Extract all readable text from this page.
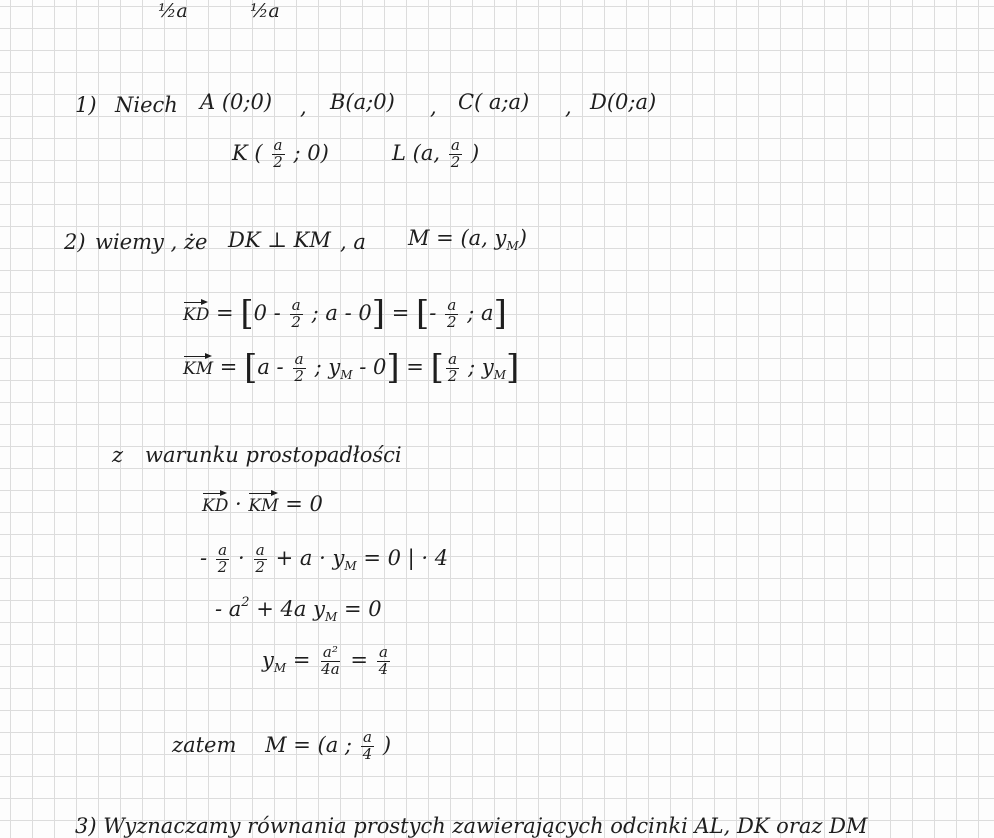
½a	½a
1) Niech A (0;0) , B(a;0) , C( a;a) , D(0;a)
K ( $\frac{a}{2}$ ; 0)	L (a, $\frac{a}{2}$ )
2) wiemy , że DK ⊥ KM , a M = (a, $y_M$)
KD = [$0 - \frac{a}{2}$ ; a - 0] = [- $\frac{a}{2}$ ; a]
KM = [$a - \frac{a}{2}$ ; $y_M - 0$] = [ $\frac{a}{2}$ ; $y_M$]
z warunku prostopadłości
KD · KM = 0
- $\frac{a}{2} \cdot \frac{a}{2} + a \cdot y_M = 0$ | · 4
- $a^2 + 4a$ $y_M = 0$
$y_M = \frac{\text{a²}}{4a} = \frac{a}{4}$
zatem M = (a ; $\frac{a}{4}$ )
3) Wyznaczamy równania prostych zawierających odcinki AL, DK oraz DM
